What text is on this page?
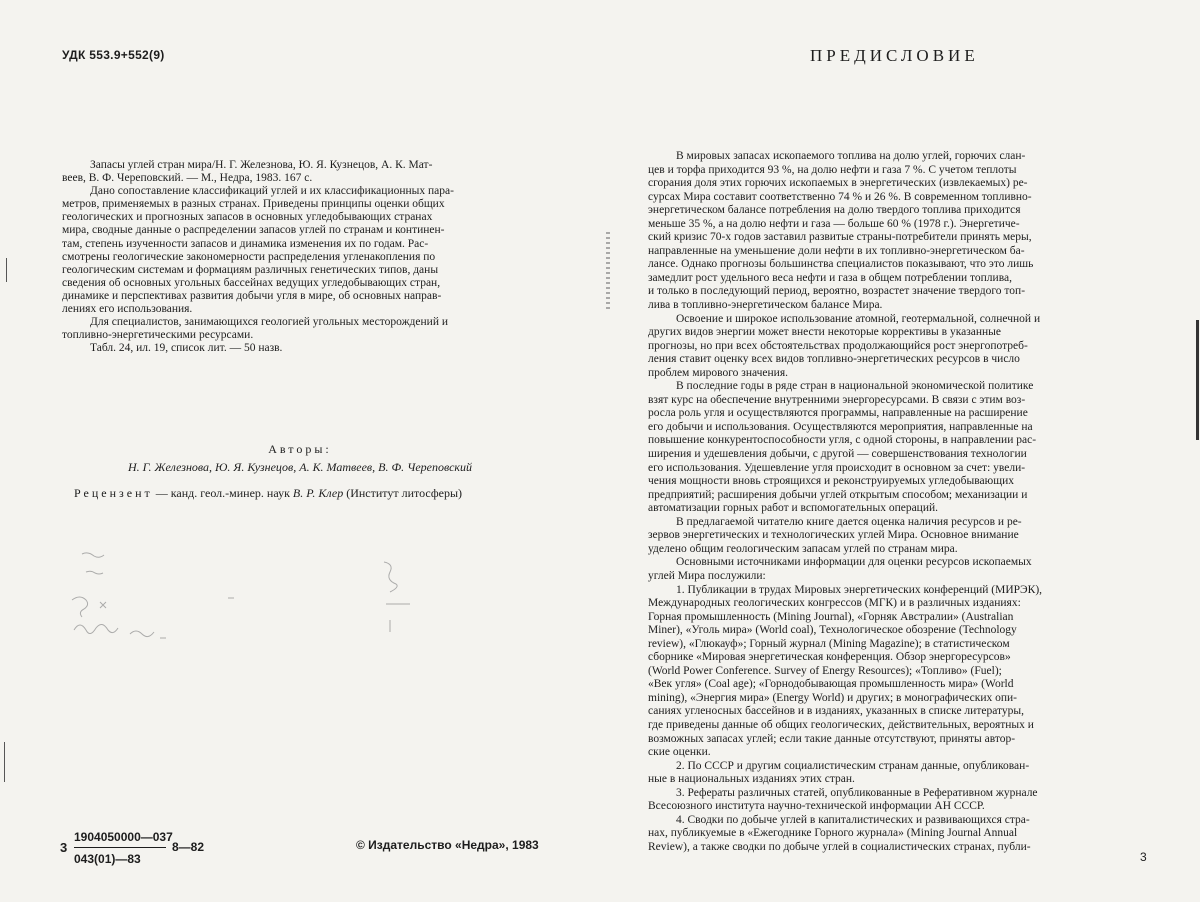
УДК 553.9+552(9)
Запасы углей стран мира/Н. Г. Железнова, Ю. Я. Кузнецов, А. К. Мат-
веев, В. Ф. Череповский. — М., Недра, 1983. 167 с.
Дано сопоставление классификаций углей и их классификационных пара-
метров, применяемых в разных странах. Приведены принципы оценки общих
геологических и прогнозных запасов в основных угледобывающих странах
мира, сводные данные о распределении запасов углей по странам и континен-
там, степень изученности запасов и динамика изменения их по годам. Рас-
смотрены геологические закономерности распределения угленакопления по
геологическим системам и формациям различных генетических типов, даны
сведения об основных угольных бассейнах ведущих угледобывающих стран,
динамике и перспективах развития добычи угля в мире, об основных направ-
лениях его использования.
Для специалистов, занимающихся геологией угольных месторождений и
топливно-энергетическими ресурсами.
Табл. 24, ил. 19, список лит. — 50 назв.
Авторы:
Н. Г. Железнова, Ю. Я. Кузнецов, А. К. Матвеев, В. Ф. Череповский
Рецензент — канд. геол.-минер. наук В. Р. Клер (Институт литосферы)
3
1904050000—037
043(01)—83
8—82	© Издательство «Недра», 1983
ПРЕДИСЛОВИЕ
В мировых запасах ископаемого топлива на долю углей, горючих слан-
цев и торфа приходится 93 %, на долю нефти и газа 7 %. С учетом теплоты
сгорания доля этих горючих ископаемых в энергетических (извлекаемых) ре-
сурсах Мира составит соответственно 74 % и 26 %. В современном топливно-
энергетическом балансе потребления на долю твердого топлива приходится
меньше 35 %, а на долю нефти и газа — больше 60 % (1978 г.). Энергетиче-
ский кризис 70-х годов заставил развитые страны-потребители принять меры,
направленные на уменьшение доли нефти в их топливно-энергетическом ба-
лансе. Однако прогнозы большинства специалистов показывают, что это лишь
замедлит рост удельного веса нефти и газа в общем потреблении топлива,
и только в последующий период, вероятно, возрастет значение твердого топ-
лива в топливно-энергетическом балансе Мира.
Освоение и широкое использование атомной, геотермальной, солнечной и
других видов энергии может внести некоторые коррективы в указанные
прогнозы, но при всех обстоятельствах продолжающийся рост энергопотреб-
ления ставит оценку всех видов топливно-энергетических ресурсов в число
проблем мирового значения.
В последние годы в ряде стран в национальной экономической политике
взят курс на обеспечение внутренними энергоресурсами. В связи с этим воз-
росла роль угля и осуществляются программы, направленные на расширение
его добычи и использования. Осуществляются мероприятия, направленные на
повышение конкурентоспособности угля, с одной стороны, в направлении рас-
ширения и удешевления добычи, с другой — совершенствования технологии
его использования. Удешевление угля происходит в основном за счет: увели-
чения мощности вновь строящихся и реконструируемых угледобывающих
предприятий; расширения добычи углей открытым способом; механизации и
автоматизации горных работ и вспомогательных операций.
В предлагаемой читателю книге дается оценка наличия ресурсов и ре-
зервов энергетических и технологических углей Мира. Основное внимание
уделено общим геологическим запасам углей по странам мира.
Основными источниками информации для оценки ресурсов ископаемых
углей Мира послужили:
1. Публикации в трудах Мировых энергетических конференций (МИРЭК),
Международных геологических конгрессов (МГК) и в различных изданиях:
Горная промышленность (Mining Journal), «Горняк Австралии» (Australian
Miner), «Уголь мира» (World coal), Технологическое обозрение (Technology
review), «Глюкауф»; Горный журнал (Mining Magazine); в статистическом
сборнике «Мировая энергетическая конференция. Обзор энергоресурсов»
(World Power Conference. Survey of Energy Resources); «Топливо» (Fuel);
«Век угля» (Coal age); «Горнодобывающая промышленность мира» (World
mining), «Энергия мира» (Energy World) и других; в монографических опи-
саниях угленосных бассейнов и в изданиях, указанных в списке литературы,
где приведены данные об общих геологических, действительных, вероятных и
возможных запасах углей; если такие данные отсутствуют, приняты автор-
ские оценки.
2. По СССР и другим социалистическим странам данные, опубликован-
ные в национальных изданиях этих стран.
3. Рефераты различных статей, опубликованные в Реферативном журнале
Всесоюзного института научно-технической информации АН СССР.
4. Сводки по добыче углей в капиталистических и развивающихся стра-
нах, публикуемые в «Ежегоднике Горного журнала» (Mining Journal Annual
Review), а также сводки по добыче углей в социалистических странах, публи-
3
